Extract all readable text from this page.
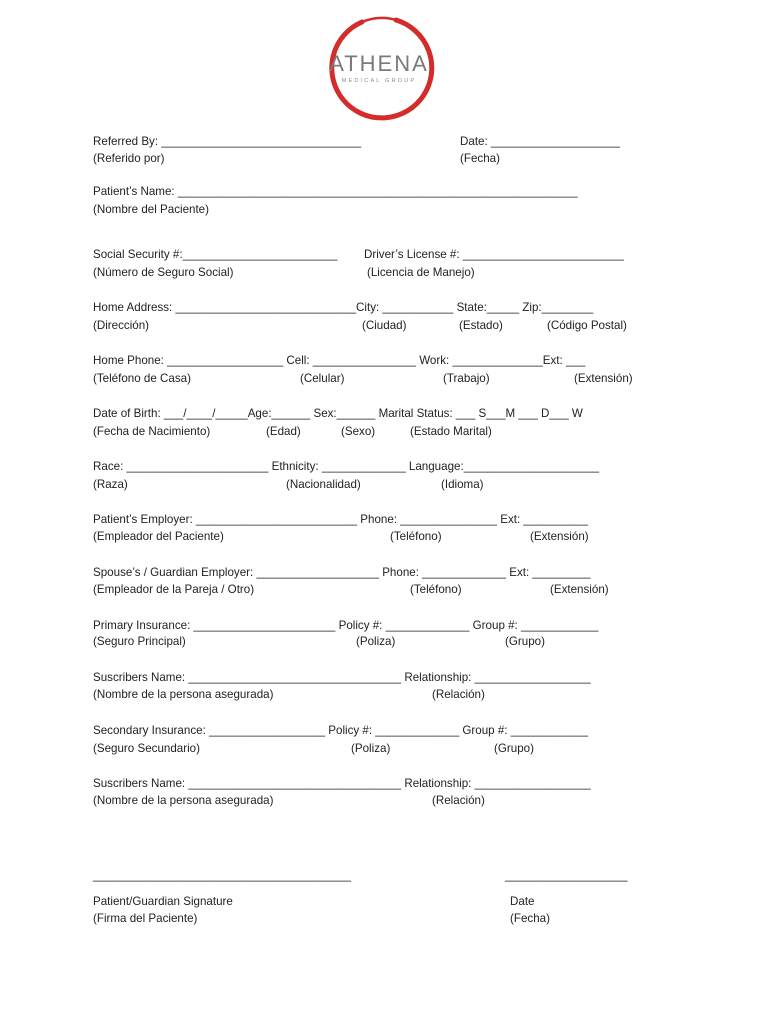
ATHENA
MEDICAL GROUP
Referred By: _______________________________
(Referido por)
Date: ____________________
(Fecha)
Patient’s Name: ______________________________________________________________
(Nombre del Paciente)
Social Security #:________________________
(Número de Seguro Social)
Driver’s License #: _________________________
(Licencia de Manejo)
Home Address: ____________________________City: ___________ State:_____ Zip:________
(Dirección)	(Ciudad)	(Estado)	(Código Postal)
Home Phone: __________________ Cell: ________________ Work: ______________Ext: ___
(Teléfono de Casa)	(Celular)	(Trabajo)	(Extensión)
Date of Birth: ___/____/_____Age:______ Sex:______ Marital Status: ___ S___M ___ D___ W
(Fecha de Nacimiento)	(Edad)	(Sexo)	(Estado Marital)
Race: ______________________ Ethnicity: _____________ Language:_____________________
(Raza)	(Nacionalidad)	(Idioma)
Patient’s Employer: _________________________ Phone: _______________ Ext: __________
(Empleador del Paciente)	(Teléfono)	(Extensión)
Spouse’s / Guardian Employer: ___________________ Phone: _____________ Ext: _________
(Empleador de la Pareja / Otro)	(Teléfono)	(Extensión)
Primary Insurance: ______________________ Policy #: _____________ Group #: ____________
(Seguro Principal)	(Poliza)	(Grupo)
Suscribers Name: _________________________________ Relationship: __________________
(Nombre de la persona asegurada)	(Relación)
Secondary Insurance: __________________ Policy #: _____________ Group #: ____________
(Seguro Secundario)	(Poliza)	(Grupo)
Suscribers Name: _________________________________ Relationship: __________________
(Nombre de la persona asegurada)	(Relación)
________________________________________	___________________
Patient/Guardian Signature
(Firma del Paciente)
Date
(Fecha)
